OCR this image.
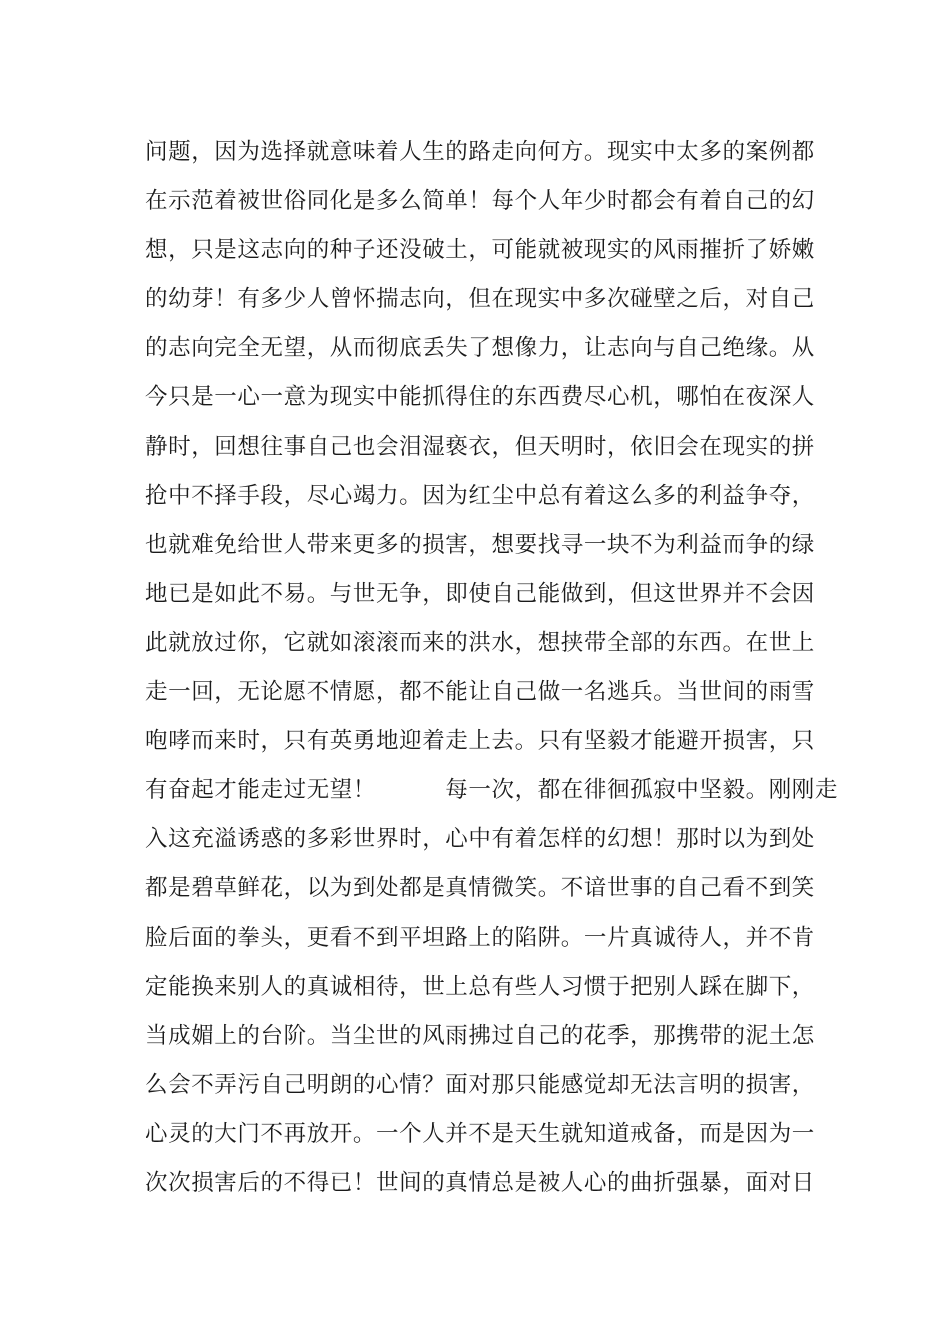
问题，因为选择就意味着人生的路走向何方。现实中太多的案例都
在示范着被世俗同化是多么简单！每个人年少时都会有着自己的幻
想，只是这志向的种子还没破土，可能就被现实的风雨摧折了娇嫩
的幼芽！有多少人曾怀揣志向，但在现实中多次碰壁之后，对自己
的志向完全无望，从而彻底丢失了想像力，让志向与自己绝缘。从
今只是一心一意为现实中能抓得住的东西费尽心机，哪怕在夜深人
静时，回想往事自己也会泪湿亵衣，但天明时，依旧会在现实的拼
抢中不择手段，尽心竭力。因为红尘中总有着这么多的利益争夺，
也就难免给世人带来更多的损害，想要找寻一块不为利益而争的绿
地已是如此不易。与世无争，即使自己能做到，但这世界并不会因
此就放过你，它就如滚滚而来的洪水，想挟带全部的东西。在世上
走一回，无论愿不情愿，都不能让自己做一名逃兵。当世间的雨雪
咆哮而来时，只有英勇地迎着走上去。只有坚毅才能避开损害，只
有奋起才能走过无望！　　　每一次，都在徘徊孤寂中坚毅。刚刚走
入这充溢诱惑的多彩世界时，心中有着怎样的幻想！那时以为到处
都是碧草鲜花，以为到处都是真情微笑。不谙世事的自己看不到笑
脸后面的拳头，更看不到平坦路上的陷阱。一片真诚待人，并不肯
定能换来别人的真诚相待，世上总有些人习惯于把别人踩在脚下，
当成媚上的台阶。当尘世的风雨拂过自己的花季，那携带的泥土怎
么会不弄污自己明朗的心情？面对那只能感觉却无法言明的损害，
心灵的大门不再放开。一个人并不是天生就知道戒备，而是因为一
次次损害后的不得已！世间的真情总是被人心的曲折强暴，面对日
